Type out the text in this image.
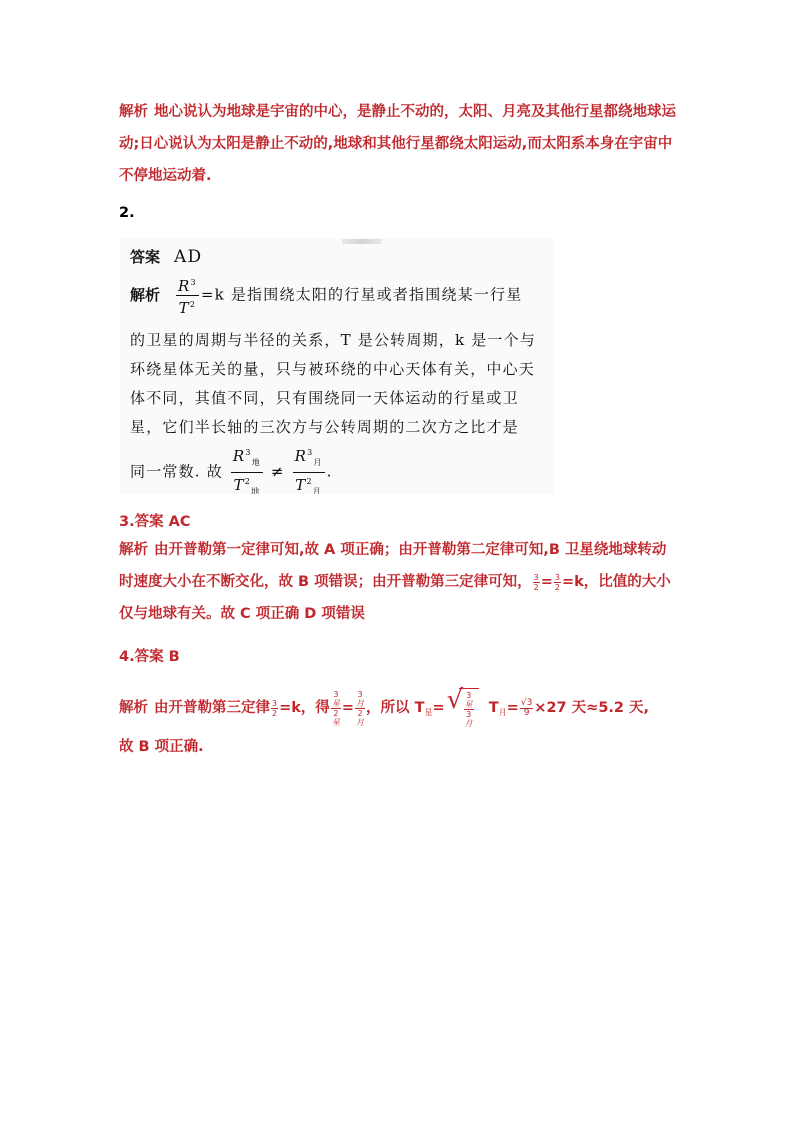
解析 地心说认为地球是宇宙的中心，是静止不动的，太阳、月亮及其他行星都绕地球运动;日心说认为太阳是静止不动的,地球和其他行星都绕太阳运动,而太阳系本身在宇宙中不停地运动着.
2.
答案 AD
解析 $\frac{R^3}{T^2} =k$ 是指围绕太阳的行星或者指围绕某一行星
的卫星的周期与半径的关系，T 是公转周期，k 是一个与
环绕星体无关的量，只与被环绕的中心天体有关，中心天
体不同，其值不同，只有围绕同一天体运动的行星或卫
星，它们半长轴的三次方与公转周期的二次方之比才是
同一常数. 故 $\frac{R^3_地}{T^2_地} \ne \frac{R^3_月}{T^2_月}$ .
3.答案 AC
解析 由开普勒第一定律可知,故 A 项正确；由开普勒第二定律可知,B 卫星绕地球转动时速度大小在不断交化，故 B 项错误；由开普勒第三定律可知， $\frac{3}{2} = \frac{3}{2} =k$，比值的大小仅与地球有关。故 C 项正确 D 项错误
4.答案 B
解析 由开普勒第三定律 $\frac{3}{2} =k$，得
3
星
2
星
=
3
月
2
月
，所以 $T_星=$ √ 3
星
3
月
$T_月= \frac{√3}{9} \times 27$ 天≈5.2 天,
故 B 项正确.
